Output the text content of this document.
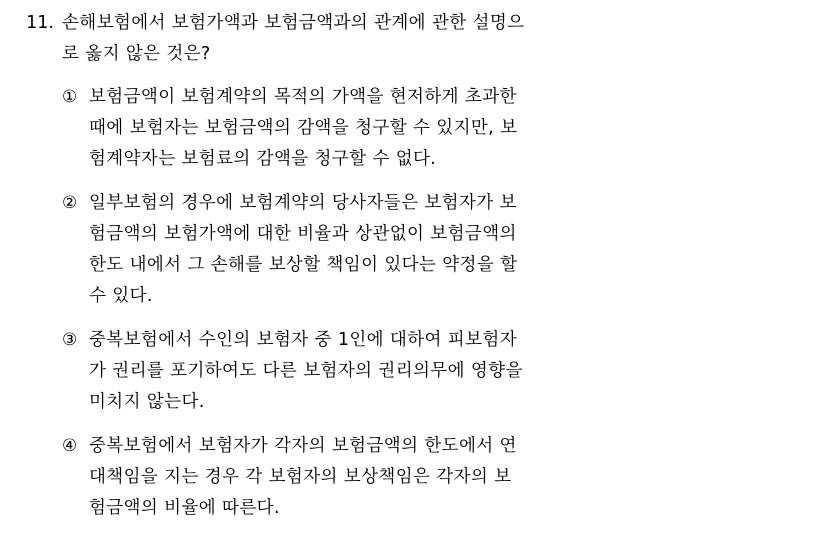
11. 손해보험에서 보험가액과 보험금액과의 관계에 관한 설명으
로 옳지 않은 것은?
① 보험금액이 보험계약의 목적의 가액을 현저하게 초과한
때에 보험자는 보험금액의 감액을 청구할 수 있지만, 보
험계약자는 보험료의 감액을 청구할 수 없다.
② 일부보험의 경우에 보험계약의 당사자들은 보험자가 보
험금액의 보험가액에 대한 비율과 상관없이 보험금액의
한도 내에서 그 손해를 보상할 책임이 있다는 약정을 할
수 있다.
③ 중복보험에서 수인의 보험자 중 1인에 대하여 피보험자
가 권리를 포기하여도 다른 보험자의 권리의무에 영향을
미치지 않는다.
④ 중복보험에서 보험자가 각자의 보험금액의 한도에서 연
대책임을 지는 경우 각 보험자의 보상책임은 각자의 보
험금액의 비율에 따른다.
